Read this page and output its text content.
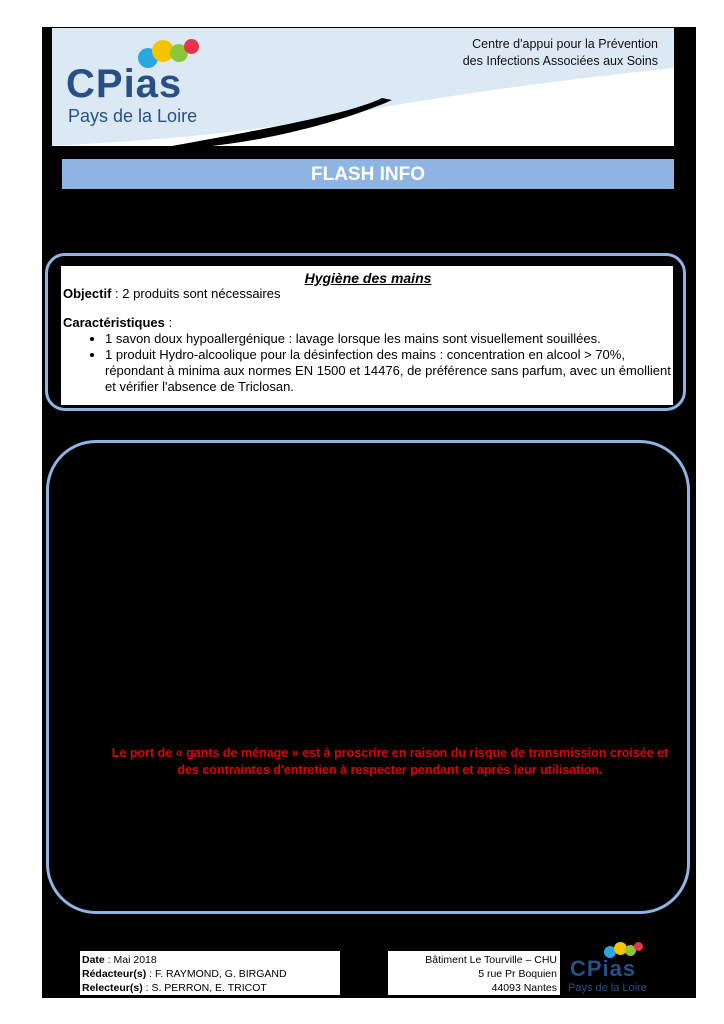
CPias
Pays de la Loire
Centre d'appui pour la Prévention
des Infections Associées aux Soins
FLASH INFO

Hygiène des mains

Objectif : 2 produits sont nécessaires

Caractéristiques :

• 1 savon doux hypoallergénique : lavage lorsque les mains sont visuellement souillées.
• 1 produit Hydro-alcoolique pour la désinfection des mains : concentration en alcool > 70%, répondant à minima aux normes EN 1500 et 14476, de préférence sans parfum, avec un émollient et vérifier l'absence de Triclosan.
Le port de « gants de ménage » est à proscrire en raison du risque de transmission croisée et des contraintes d'entretien à respecter pendant et après leur utilisation.
Date : Mai 2018
Rédacteur(s) : F. RAYMOND, G. BIRGAND
Relecteur(s) : S. PERRON, E. TRICOT
Bâtiment Le Tourville – CHU
5 rue Pr Boquien
44093 Nantes
CPias
Pays de la Loire
